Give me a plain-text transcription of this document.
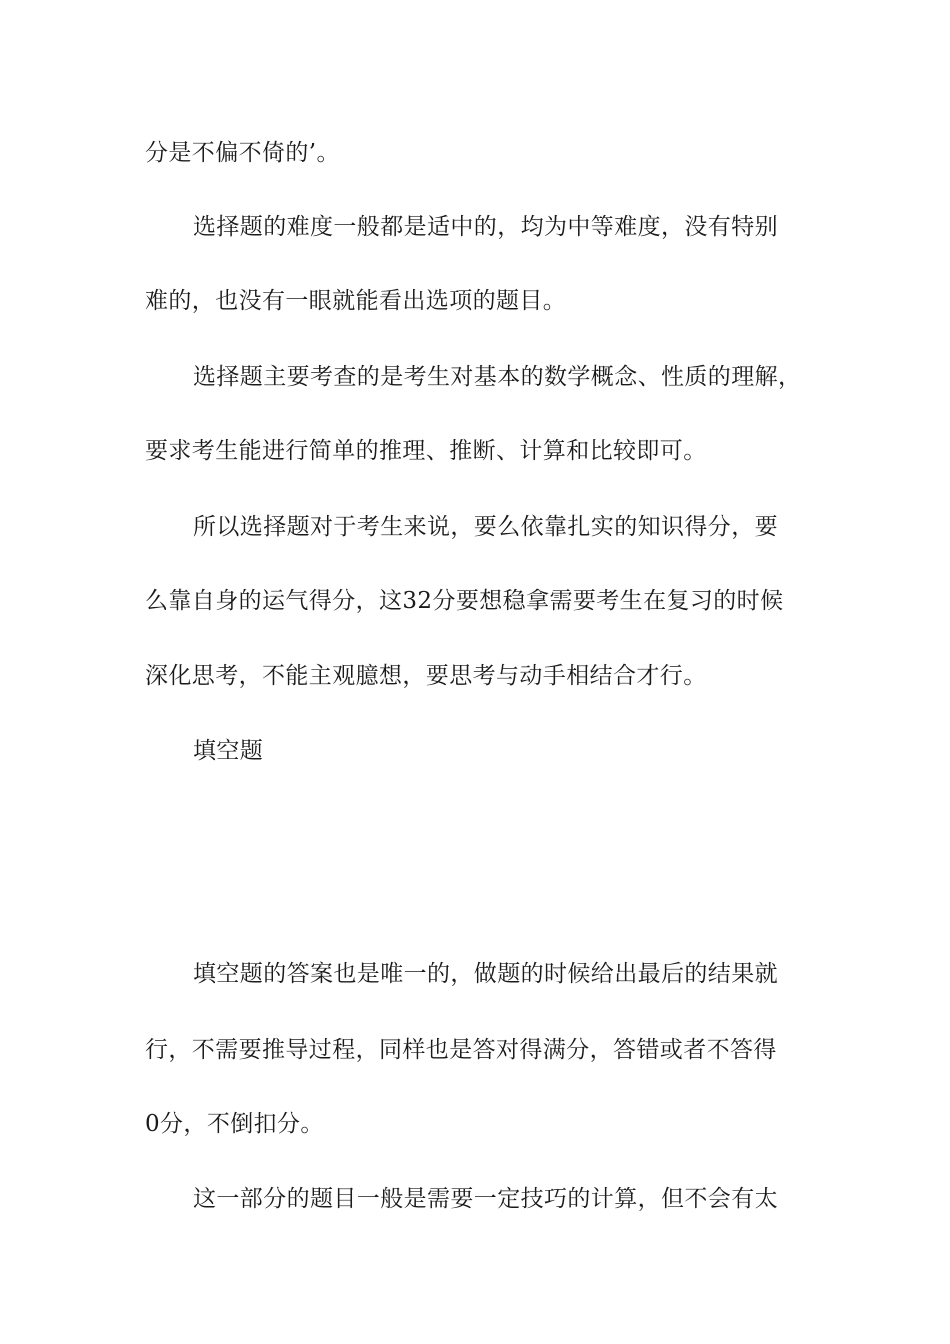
分是不偏不倚的’。
选择题的难度一般都是适中的，均为中等难度，没有特别
难的，也没有一眼就能看出选项的题目。
选择题主要考查的是考生对基本的数学概念、性质的理解，
要求考生能进行简单的推理、推断、计算和比较即可。
所以选择题对于考生来说，要么依靠扎实的知识得分，要
么靠自身的运气得分，这32分要想稳拿需要考生在复习的时候
深化思考，不能主观臆想，要思考与动手相结合才行。
填空题
填空题的答案也是唯一的，做题的时候给出最后的结果就
行，不需要推导过程，同样也是答对得满分，答错或者不答得
0分，不倒扣分。
这一部分的题目一般是需要一定技巧的计算，但不会有太
